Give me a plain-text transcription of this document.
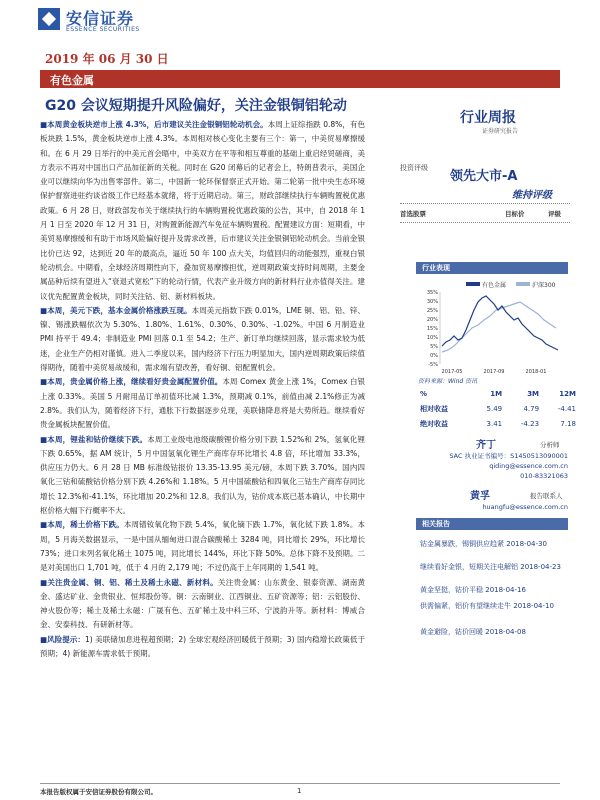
安信证券
ESSENCE SECURITIES
2019 年 06 月 30 日
有色金属
G20 会议短期提升风险偏好，关注金银铜铝轮动
行业周报
证券研究报告

■本周黄金板块逆市上涨 4.3%，后市建议关注金银铜铝轮动机会。本周上证综指跌 0.8%，有色板块跌 1.5%，黄金板块逆市上涨 4.3%。本周相对核心变化主要有三个：第一，中美贸易摩擦缓和。在 6 月 29 日举行的中美元首会晤中，中美双方在平等和相互尊重的基础上重启经贸磋商，美方表示不再对中国出口产品加征新的关税。同时在 G20 闭幕后的记者会上，特朗普表示，美国企业可以继续向华为出售零部件。第二，中国新一轮环保督察正式开始。第二轮第一批中央生态环境保护督察进驻约谈省级工作已经基本就绪，将于近期启动。第三，财政部继续执行车辆购置税优惠政策。6 月 28 日，财政部发布关于继续执行的车辆购置税优惠政策的公告，其中，自 2018 年 1 月 1 日至 2020 年 12 月 31 日，对购置新能源汽车免征车辆购置税。配置建议方面：短期看，中美贸易摩擦缓和有助于市场风险偏好提升及需求改善，后市建议关注金银铜铝轮动机会。当前金银比价已达 92，达到近 20 年的最高点，逼近 50 年 100 点大关，均值回归的动能强烈，重视白银轮动机会。中期看，全球经济周期性向下，叠加贸易摩擦担忧，逆周期政策支持时间周期，主要金属品种后续有望进入“衰退式宽松”下的轮动行情，代表产业升级方向的新材料行业亦值得关注。建议优先配置黄金板块，同时关注钴、铝、新材料板块。

■本周，美元下跌，基本金属价格涨跌互现。本周美元指数下跌 0.01%，LME 铜、铝、铅、锌、镍、锡涨跌幅依次为 5.30%、1.80%、1.61%、0.30%、0.30%、-1.02%。中国 6 月制造业 PMI 持平于 49.4；非制造业 PMI 回落 0.1 至 54.2；生产、新订单均继续回落，显示需求较为低迷，企业生产仍相对谨慎。进入二季度以来，国内经济下行压力明显加大，国内逆周期政策后续值得期待，随着中美贸易战缓和，需求端有望改善，看好铜、铝配置机会。

■本周，贵金属价格上涨，继续看好贵金属配置价值。本周 Comex 黄金上涨 1%，Comex 白银上涨 0.33%。美国 5 月耐用品订单初值环比减 1.3%，预期减 0.1%，前值由减 2.1%修正为减 2.8%。我们认为，随着经济下行，通胀下行数据逐步兑现，美联储降息将是大势所趋。继续看好贵金属板块配置价值。

■本周，锂盐和钴价继续下跌。本周工业级电池级碳酸锂价格分别下跌 1.52%和 2%，氢氧化锂下跌 0.65%，据 AM 统计，5 月中国氢氧化锂生产商库存环比增长 4.8 倍，环比增加 33.3%，供应压力仍大。6 月 28 日 MB 标准级钴报价 13.35-13.95 美元/磅，本周下跌 3.70%。国内四氧化三钴和硫酸钴价格分别下跌 4.26%和 1.18%。5 月中国硫酸钴和四氧化三钴生产商库存同比增长 12.3%和-41.1%，环比增加 20.2%和 12.8。我们认为，钴价成本底已基本确认，中长期中枢价格大幅下行概率不大。

■本周，稀土价格下跌。本周镨钕氧化物下跌 5.4%，氧化镝下跌 1.7%，氧化铽下跌 1.8%。本周，5 月海关数据显示，一是中国从缅甸进口混合碳酸稀土 3284 吨，同比增长 29%，环比增长 73%；进口未列名氧化稀土 1075 吨，同比增长 144%，环比下降 50%。总体下降不及预期。二是对美国出口 1,701 吨，低于 4 月的 2,179 吨；不过仍高于上年同期的 1,541 吨。

■关注贵金属、铜、铝、稀土及稀土永磁、新材料。关注贵金属：山东黄金、银泰资源、湖南黄金、盛达矿业、金贵银业、恒邦股份等。铜：云南铜业、江西铜业、五矿资源等；铝：云铝股份、神火股份等；稀土及稀土永磁：广晟有色、五矿稀土及中科三环、宁波韵升等。新材料：博威合金、安泰科技、有研新材等。

■风险提示：1) 美联储加息进程超预期；2) 全球宏观经济回暖低于预期；3) 国内稳增长政策低于预期；4) 新能源车需求低于预期。

投资评级
领先大市-A
维持评级
首选股票	目标价	评级
行业表现
35%
30%
25%
20%
15%
10%
5%
0%
-5%
2017-05	2017-09	2018-01
有色金属	沪深300
资料来源：Wind 资讯
%	1M	3M	12M
相对收益	5.49	4.79	-4.41
绝对收益	3.41	-4.23	7.18
齐丁	分析师
SAC 执业证书编号：S1450513090001
qiding@essence.com.cn
010-83321063
黄孚	报告联系人
huangfu@essence.com.cn
相关报告
钴金属暴跌，锡铜供应趋紧 2018-04-30
继续看好金银，短期关注电解铝 2018-04-23
黄金坚挺，钴价平稳 2018-04-16
供需偏紧，铝价有望继续走牛 2018-04-10
黄金避险，钴价回暖 2018-04-08
本报告版权属于安信证券股份有限公司。	1
